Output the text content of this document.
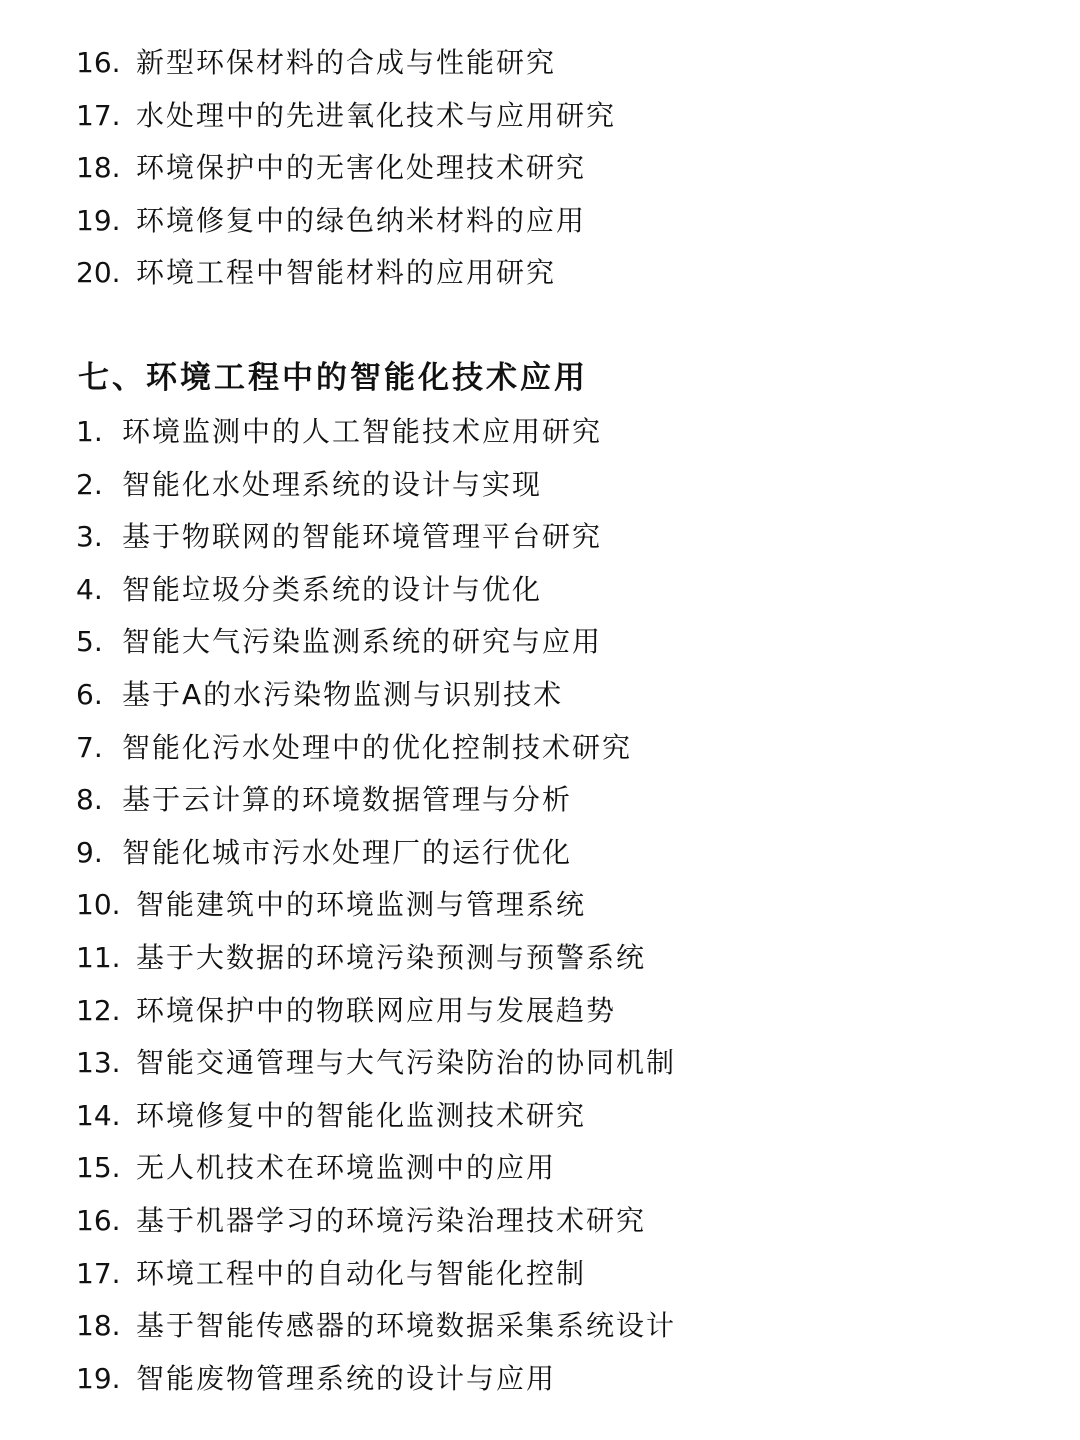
16. 新型环保材料的合成与性能研究
17. 水处理中的先进氧化技术与应用研究
18. 环境保护中的无害化处理技术研究
19. 环境修复中的绿色纳米材料的应用
20. 环境工程中智能材料的应用研究
七、环境工程中的智能化技术应用
1. 环境监测中的人工智能技术应用研究
2. 智能化水处理系统的设计与实现
3. 基于物联网的智能环境管理平台研究
4. 智能垃圾分类系统的设计与优化
5. 智能大气污染监测系统的研究与应用
6. 基于A的水污染物监测与识别技术
7. 智能化污水处理中的优化控制技术研究
8. 基于云计算的环境数据管理与分析
9. 智能化城市污水处理厂的运行优化
10. 智能建筑中的环境监测与管理系统
11. 基于大数据的环境污染预测与预警系统
12. 环境保护中的物联网应用与发展趋势
13. 智能交通管理与大气污染防治的协同机制
14. 环境修复中的智能化监测技术研究
15. 无人机技术在环境监测中的应用
16. 基于机器学习的环境污染治理技术研究
17. 环境工程中的自动化与智能化控制
18. 基于智能传感器的环境数据采集系统设计
19. 智能废物管理系统的设计与应用
